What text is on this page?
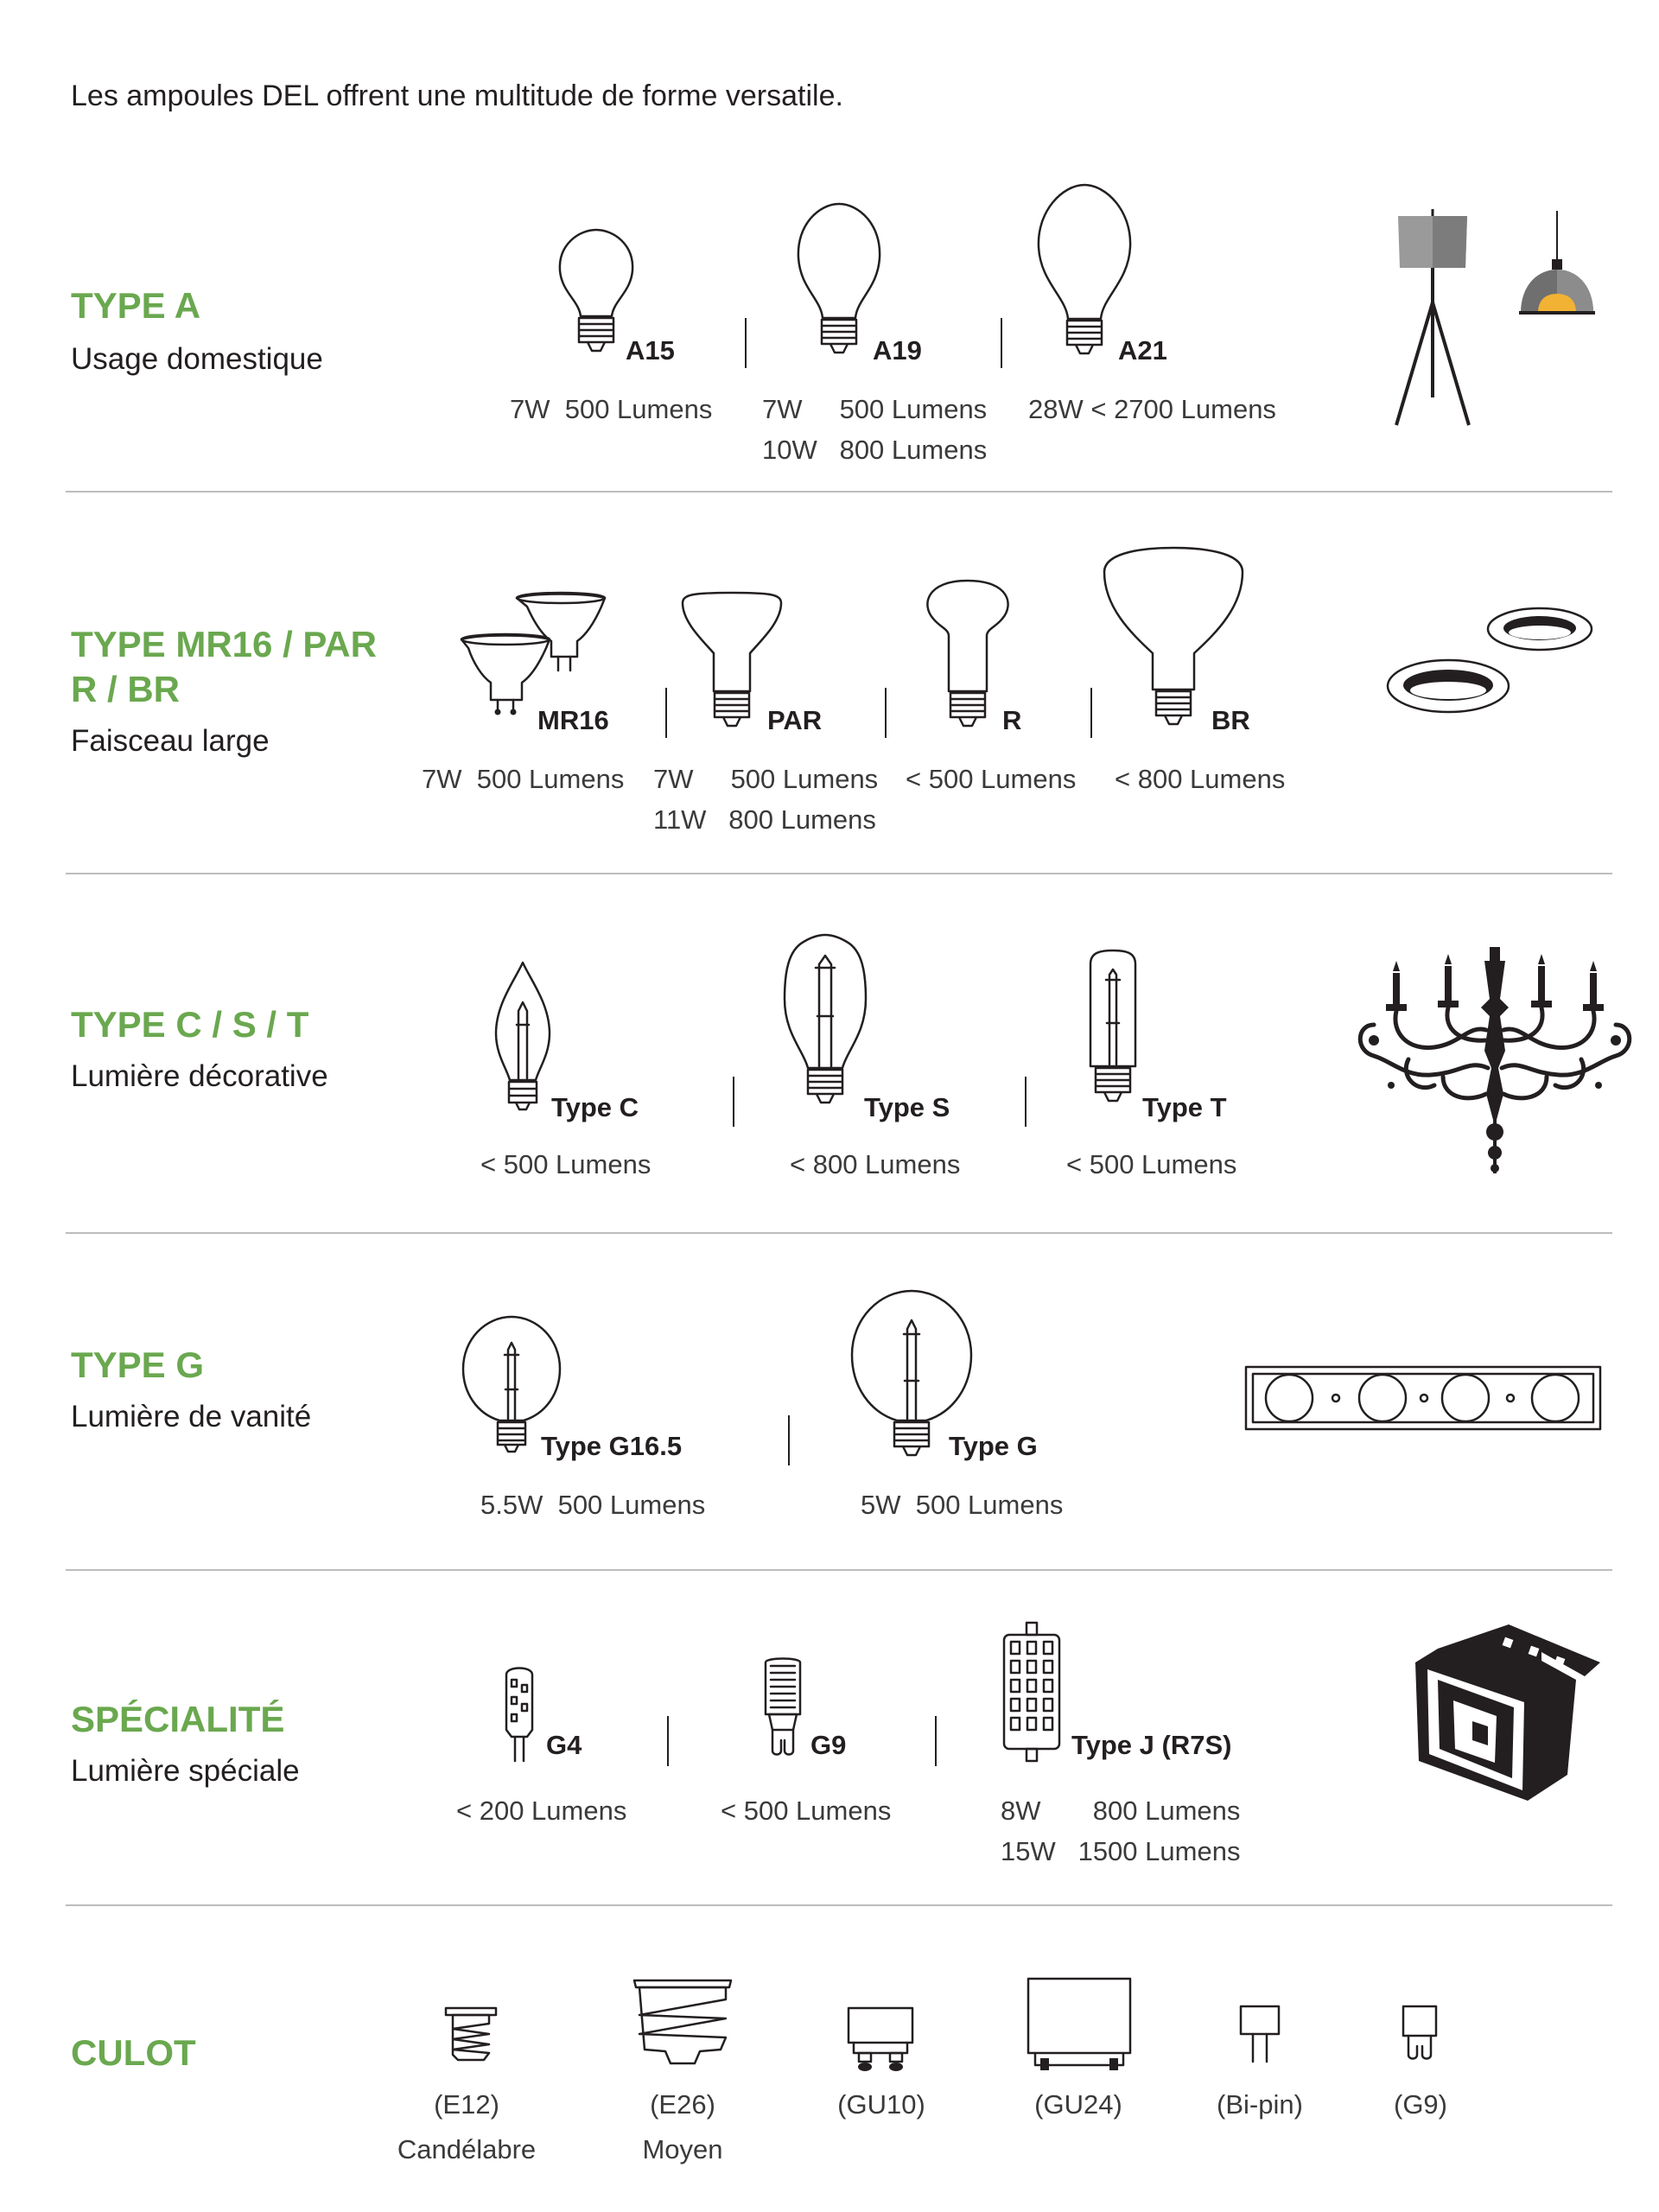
Les ampoules DEL offrent une multitude de forme versatile.
TYPE A
Usage domestique	A15
7W  500 Lumens
A19
7W     500 Lumens
10W   800 Lumens
A21
28W < 2700 Lumens
TYPE MR16 / PAR
R / BR
Faisceau large
MR16
7W  500 Lumens
PAR
7W     500 Lumens
11W   800 Lumens
R
< 500 Lumens
BR
< 800 Lumens
TYPE C / S / T
Lumière décorative
Type C
< 500 Lumens
Type S
< 800 Lumens
Type T
< 500 Lumens
TYPE G
Lumière de vanité
Type G16.5
5.5W  500 Lumens
Type G
5W  500 Lumens
SPÉCIALITÉ
Lumière spéciale
G4
< 200 Lumens
G9
< 500 Lumens
Type J (R7S)
8W       800 Lumens
15W   1500 Lumens
CULOT
(E12)
Candélabre
(E26)
Moyen
(GU10)	(GU24)	(Bi-pin)	(G9)
